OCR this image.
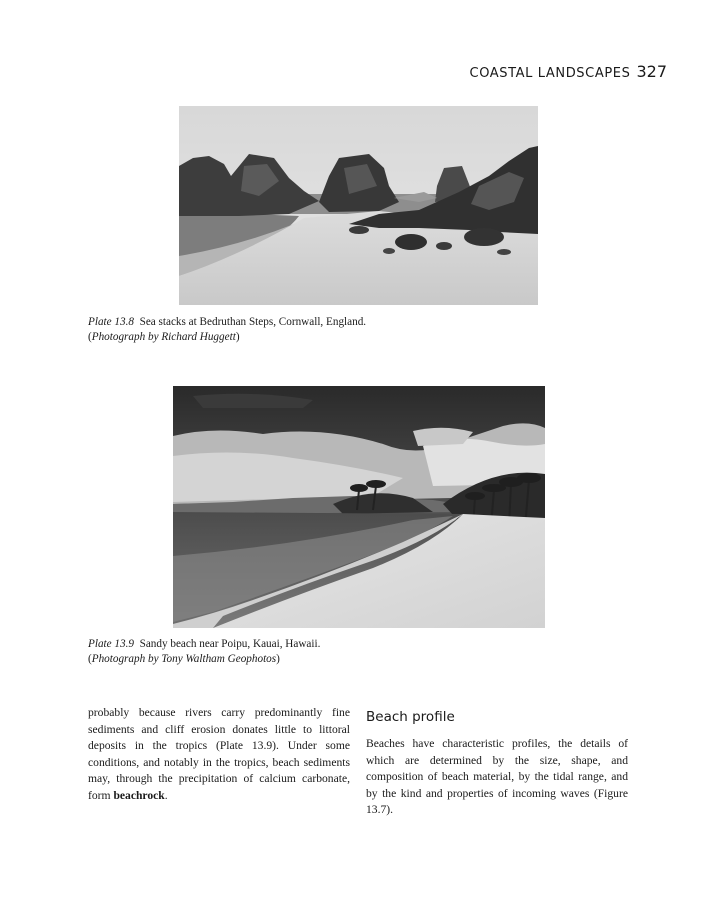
COASTAL LANDSCAPES 327
Plate 13.8 Sea stacks at Bedruthan Steps, Cornwall, England.
(Photograph by Richard Huggett)
Plate 13.9 Sandy beach near Poipu, Kauai, Hawaii.
(Photograph by Tony Waltham Geophotos)
probably because rivers carry predominantly fine sediments and cliff erosion donates little to littoral deposits in the tropics (Plate 13.9). Under some conditions, and notably in the tropics, beach sediments may, through the precipitation of calcium carbonate, form beachrock.
Beach profile
Beaches have characteristic profiles, the details of which are determined by the size, shape, and composition of beach material, by the tidal range, and by the kind and properties of incoming waves (Figure 13.7).
